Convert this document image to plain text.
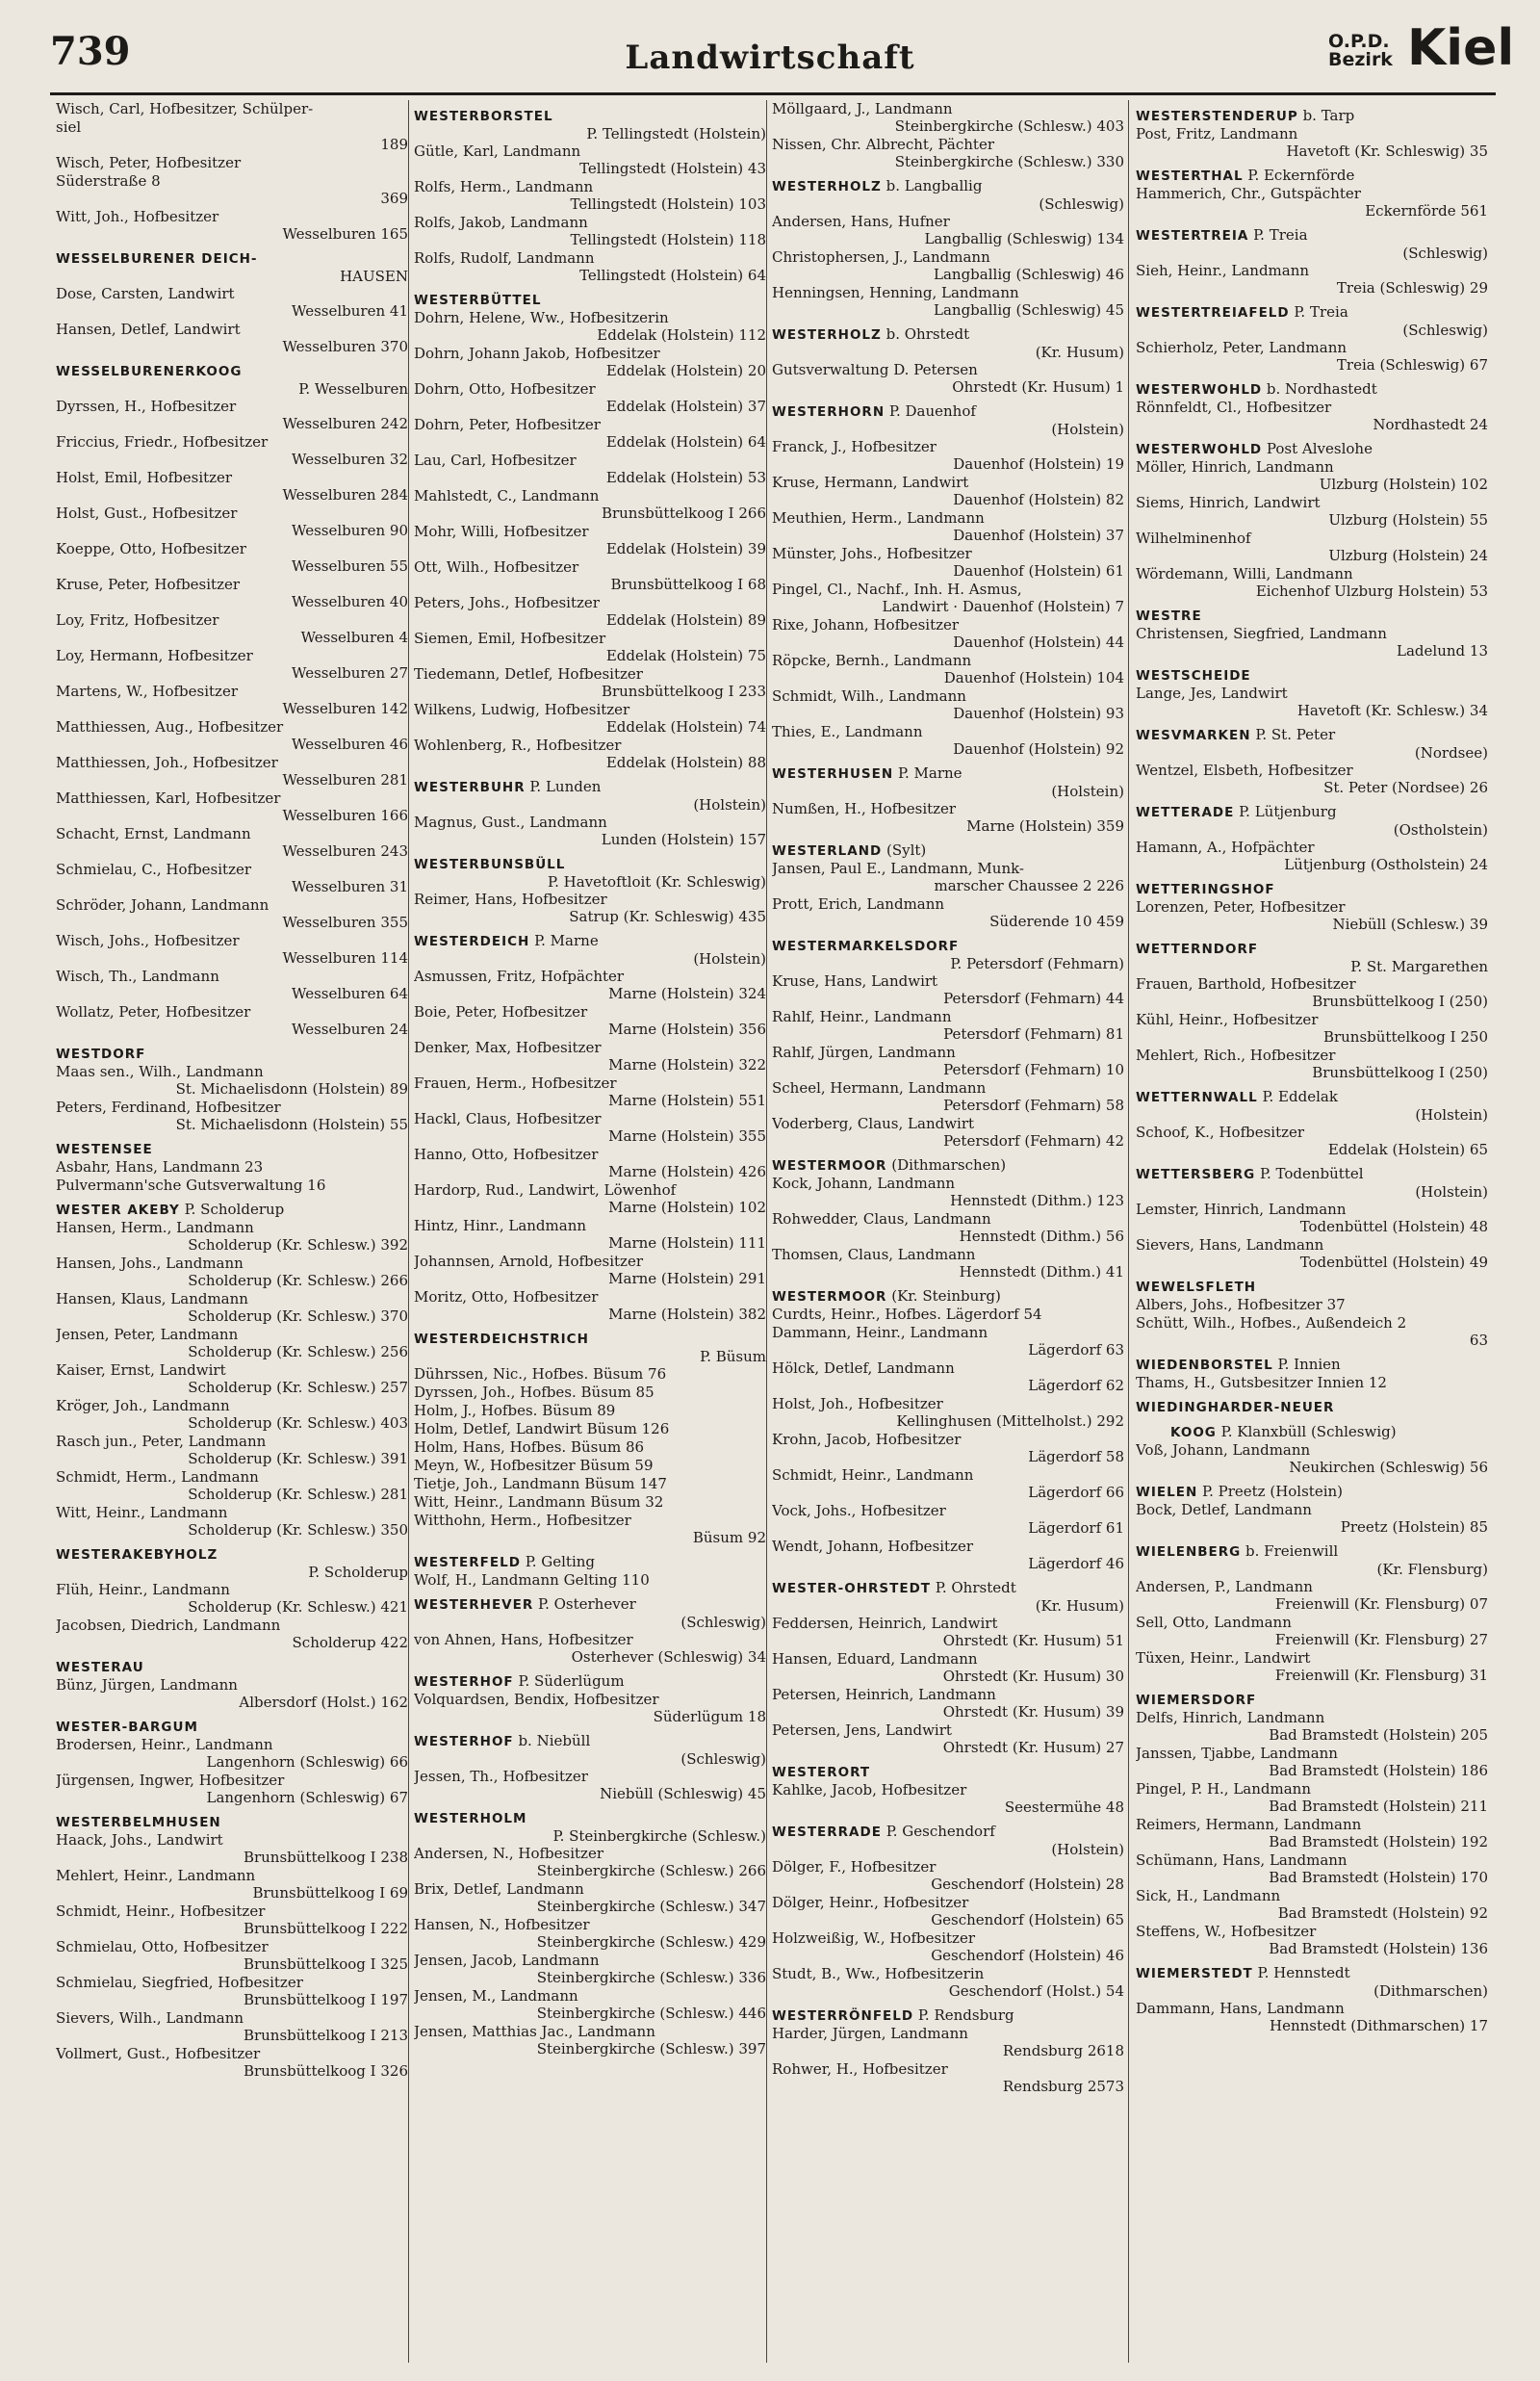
739	Landwirtschaft	O.P.D.
Bezirk Kiel
Wisch, Carl, Hofbesitzer, Schülper-
siel
189
Wisch, Peter, Hofbesitzer
Süderstraße 8
369
Witt, Joh., Hofbesitzer
Wesselburen 165
WESSELBURENER DEICH-
HAUSEN
Dose, Carsten, Landwirt
Wesselburen 41
Hansen, Detlef, Landwirt
Wesselburen 370
WESSELBURENERKOOG
P. Wesselburen
Dyrssen, H., Hofbesitzer
Wesselburen 242
Friccius, Friedr., Hofbesitzer
Wesselburen 32
Holst, Emil, Hofbesitzer
Wesselburen 284
Holst, Gust., Hofbesitzer
Wesselburen 90
Koeppe, Otto, Hofbesitzer
Wesselburen 55
Kruse, Peter, Hofbesitzer
Wesselburen 40
Loy, Fritz, Hofbesitzer
Wesselburen 4
Loy, Hermann, Hofbesitzer
Wesselburen 27
Martens, W., Hofbesitzer
Wesselburen 142
Matthiessen, Aug., Hofbesitzer
Wesselburen 46
Matthiessen, Joh., Hofbesitzer
Wesselburen 281
Matthiessen, Karl, Hofbesitzer
Wesselburen 166
Schacht, Ernst, Landmann
Wesselburen 243
Schmielau, C., Hofbesitzer
Wesselburen 31
Schröder, Johann, Landmann
Wesselburen 355
Wisch, Johs., Hofbesitzer
Wesselburen 114
Wisch, Th., Landmann
Wesselburen 64
Wollatz, Peter, Hofbesitzer
Wesselburen 24
WESTDORF
Maas sen., Wilh., Landmann
St. Michaelisdonn (Holstein) 89
Peters, Ferdinand, Hofbesitzer
St. Michaelisdonn (Holstein) 55
WESTENSEE
Asbahr, Hans, Landmann 23
Pulvermann'sche Gutsverwaltung 16
WESTER AKEBY P. Scholderup
Hansen, Herm., Landmann
Scholderup (Kr. Schlesw.) 392
Hansen, Johs., Landmann
Scholderup (Kr. Schlesw.) 266
Hansen, Klaus, Landmann
Scholderup (Kr. Schlesw.) 370
Jensen, Peter, Landmann
Scholderup (Kr. Schlesw.) 256
Kaiser, Ernst, Landwirt
Scholderup (Kr. Schlesw.) 257
Kröger, Joh., Landmann
Scholderup (Kr. Schlesw.) 403
Rasch jun., Peter, Landmann
Scholderup (Kr. Schlesw.) 391
Schmidt, Herm., Landmann
Scholderup (Kr. Schlesw.) 281
Witt, Heinr., Landmann
Scholderup (Kr. Schlesw.) 350
WESTERAKEBYHOLZ
P. Scholderup
Flüh, Heinr., Landmann
Scholderup (Kr. Schlesw.) 421
Jacobsen, Diedrich, Landmann
Scholderup 422
WESTERAU
Bünz, Jürgen, Landmann
Albersdorf (Holst.) 162
WESTER-BARGUM
Brodersen, Heinr., Landmann
Langenhorn (Schleswig) 66
Jürgensen, Ingwer, Hofbesitzer
Langenhorn (Schleswig) 67
WESTERBELMHUSEN
Haack, Johs., Landwirt
Brunsbüttelkoog I 238
Mehlert, Heinr., Landmann
Brunsbüttelkoog I 69
Schmidt, Heinr., Hofbesitzer
Brunsbüttelkoog I 222
Schmielau, Otto, Hofbesitzer
Brunsbüttelkoog I 325
Schmielau, Siegfried, Hofbesitzer
Brunsbüttelkoog I 197
Sievers, Wilh., Landmann
Brunsbüttelkoog I 213
Vollmert, Gust., Hofbesitzer
Brunsbüttelkoog I 326
WESTERBORSTEL
P. Tellingstedt (Holstein)
Gütle, Karl, Landmann
Tellingstedt (Holstein) 43
Rolfs, Herm., Landmann
Tellingstedt (Holstein) 103
Rolfs, Jakob, Landmann
Tellingstedt (Holstein) 118
Rolfs, Rudolf, Landmann
Tellingstedt (Holstein) 64
WESTERBÜTTEL
Dohrn, Helene, Ww., Hofbesitzerin
Eddelak (Holstein) 112
Dohrn, Johann Jakob, Hofbesitzer
Eddelak (Holstein) 20
Dohrn, Otto, Hofbesitzer
Eddelak (Holstein) 37
Dohrn, Peter, Hofbesitzer
Eddelak (Holstein) 64
Lau, Carl, Hofbesitzer
Eddelak (Holstein) 53
Mahlstedt, C., Landmann
Brunsbüttelkoog I 266
Mohr, Willi, Hofbesitzer
Eddelak (Holstein) 39
Ott, Wilh., Hofbesitzer
Brunsbüttelkoog I 68
Peters, Johs., Hofbesitzer
Eddelak (Holstein) 89
Siemen, Emil, Hofbesitzer
Eddelak (Holstein) 75
Tiedemann, Detlef, Hofbesitzer
Brunsbüttelkoog I 233
Wilkens, Ludwig, Hofbesitzer
Eddelak (Holstein) 74
Wohlenberg, R., Hofbesitzer
Eddelak (Holstein) 88
WESTERBUHR P. Lunden
(Holstein)
Magnus, Gust., Landmann
Lunden (Holstein) 157
WESTERBUNSBÜLL
P. Havetoftloit (Kr. Schleswig)
Reimer, Hans, Hofbesitzer
Satrup (Kr. Schleswig) 435
WESTERDEICH P. Marne
(Holstein)
Asmussen, Fritz, Hofpächter
Marne (Holstein) 324
Boie, Peter, Hofbesitzer
Marne (Holstein) 356
Denker, Max, Hofbesitzer
Marne (Holstein) 322
Frauen, Herm., Hofbesitzer
Marne (Holstein) 551
Hackl, Claus, Hofbesitzer
Marne (Holstein) 355
Hanno, Otto, Hofbesitzer
Marne (Holstein) 426
Hardorp, Rud., Landwirt, Löwenhof
Marne (Holstein) 102
Hintz, Hinr., Landmann
Marne (Holstein) 111
Johannsen, Arnold, Hofbesitzer
Marne (Holstein) 291
Moritz, Otto, Hofbesitzer
Marne (Holstein) 382
WESTERDEICHSTRICH
P. Büsum
Dührssen, Nic., Hofbes. Büsum 76
Dyrssen, Joh., Hofbes. Büsum 85
Holm, J., Hofbes. Büsum 89
Holm, Detlef, Landwirt Büsum 126
Holm, Hans, Hofbes. Büsum 86
Meyn, W., Hofbesitzer Büsum 59
Tietje, Joh., Landmann Büsum 147
Witt, Heinr., Landmann Büsum 32
Witthohn, Herm., Hofbesitzer
Büsum 92
WESTERFELD P. Gelting
Wolf, H., Landmann Gelting 110
WESTERHEVER P. Osterhever
(Schleswig)
von Ahnen, Hans, Hofbesitzer
Osterhever (Schleswig) 34
WESTERHOF P. Süderlügum
Volquardsen, Bendix, Hofbesitzer
Süderlügum 18
WESTERHOF b. Niebüll
(Schleswig)
Jessen, Th., Hofbesitzer
Niebüll (Schleswig) 45
WESTERHOLM
P. Steinbergkirche (Schlesw.)
Andersen, N., Hofbesitzer
Steinbergkirche (Schlesw.) 266
Brix, Detlef, Landmann
Steinbergkirche (Schlesw.) 347
Hansen, N., Hofbesitzer
Steinbergkirche (Schlesw.) 429
Jensen, Jacob, Landmann
Steinbergkirche (Schlesw.) 336
Jensen, M., Landmann
Steinbergkirche (Schlesw.) 446
Jensen, Matthias Jac., Landmann
Steinbergkirche (Schlesw.) 397
Möllgaard, J., Landmann
Steinbergkirche (Schlesw.) 403
Nissen, Chr. Albrecht, Pächter
Steinbergkirche (Schlesw.) 330
WESTERHOLZ b. Langballig
(Schleswig)
Andersen, Hans, Hufner
Langballig (Schleswig) 134
Christophersen, J., Landmann
Langballig (Schleswig) 46
Henningsen, Henning, Landmann
Langballig (Schleswig) 45
WESTERHOLZ b. Ohrstedt
(Kr. Husum)
Gutsverwaltung D. Petersen
Ohrstedt (Kr. Husum) 1
WESTERHORN P. Dauenhof
(Holstein)
Franck, J., Hofbesitzer
Dauenhof (Holstein) 19
Kruse, Hermann, Landwirt
Dauenhof (Holstein) 82
Meuthien, Herm., Landmann
Dauenhof (Holstein) 37
Münster, Johs., Hofbesitzer
Dauenhof (Holstein) 61
Pingel, Cl., Nachf., Inh. H. Asmus,
Landwirt · Dauenhof (Holstein) 7
Rixe, Johann, Hofbesitzer
Dauenhof (Holstein) 44
Röpcke, Bernh., Landmann
Dauenhof (Holstein) 104
Schmidt, Wilh., Landmann
Dauenhof (Holstein) 93
Thies, E., Landmann
Dauenhof (Holstein) 92
WESTERHUSEN P. Marne
(Holstein)
Numßen, H., Hofbesitzer
Marne (Holstein) 359
WESTERLAND (Sylt)
Jansen, Paul E., Landmann, Munk-
marscher Chaussee 2 226
Prott, Erich, Landmann
Süderende 10 459
WESTERMARKELSDORF
P. Petersdorf (Fehmarn)
Kruse, Hans, Landwirt
Petersdorf (Fehmarn) 44
Rahlf, Heinr., Landmann
Petersdorf (Fehmarn) 81
Rahlf, Jürgen, Landmann
Petersdorf (Fehmarn) 10
Scheel, Hermann, Landmann
Petersdorf (Fehmarn) 58
Voderberg, Claus, Landwirt
Petersdorf (Fehmarn) 42
WESTERMOOR (Dithmarschen)
Kock, Johann, Landmann
Hennstedt (Dithm.) 123
Rohwedder, Claus, Landmann
Hennstedt (Dithm.) 56
Thomsen, Claus, Landmann
Hennstedt (Dithm.) 41
WESTERMOOR (Kr. Steinburg)
Curdts, Heinr., Hofbes. Lägerdorf 54
Dammann, Heinr., Landmann
Lägerdorf 63
Hölck, Detlef, Landmann
Lägerdorf 62
Holst, Joh., Hofbesitzer
Kellinghusen (Mittelholst.) 292
Krohn, Jacob, Hofbesitzer
Lägerdorf 58
Schmidt, Heinr., Landmann
Lägerdorf 66
Vock, Johs., Hofbesitzer
Lägerdorf 61
Wendt, Johann, Hofbesitzer
Lägerdorf 46
WESTER-OHRSTEDT P. Ohrstedt
(Kr. Husum)
Feddersen, Heinrich, Landwirt
Ohrstedt (Kr. Husum) 51
Hansen, Eduard, Landmann
Ohrstedt (Kr. Husum) 30
Petersen, Heinrich, Landmann
Ohrstedt (Kr. Husum) 39
Petersen, Jens, Landwirt
Ohrstedt (Kr. Husum) 27
WESTERORT
Kahlke, Jacob, Hofbesitzer
Seestermühe 48
WESTERRADE P. Geschendorf
(Holstein)
Dölger, F., Hofbesitzer
Geschendorf (Holstein) 28
Dölger, Heinr., Hofbesitzer
Geschendorf (Holstein) 65
Holzweißig, W., Hofbesitzer
Geschendorf (Holstein) 46
Studt, B., Ww., Hofbesitzerin
Geschendorf (Holst.) 54
WESTERRÖNFELD P. Rendsburg
Harder, Jürgen, Landmann
Rendsburg 2618
Rohwer, H., Hofbesitzer
Rendsburg 2573
WESTERSTENDERUP b. Tarp
Post, Fritz, Landmann
Havetoft (Kr. Schleswig) 35
WESTERTHAL P. Eckernförde
Hammerich, Chr., Gutspächter
Eckernförde 561
WESTERTREIA P. Treia
(Schleswig)
Sieh, Heinr., Landmann
Treia (Schleswig) 29
WESTERTREIAFELD P. Treia
(Schleswig)
Schierholz, Peter, Landmann
Treia (Schleswig) 67
WESTERWOHLD b. Nordhastedt
Rönnfeldt, Cl., Hofbesitzer
Nordhastedt 24
WESTERWOHLD Post Alveslohe
Möller, Hinrich, Landmann
Ulzburg (Holstein) 102
Siems, Hinrich, Landwirt
Ulzburg (Holstein) 55
Wilhelminenhof
Ulzburg (Holstein) 24
Wördemann, Willi, Landmann
Eichenhof Ulzburg Holstein) 53
WESTRE
Christensen, Siegfried, Landmann
Ladelund 13
WESTSCHEIDE
Lange, Jes, Landwirt
Havetoft (Kr. Schlesw.) 34
WESVMARKEN P. St. Peter
(Nordsee)
Wentzel, Elsbeth, Hofbesitzer
St. Peter (Nordsee) 26
WETTERADE P. Lütjenburg
(Ostholstein)
Hamann, A., Hofpächter
Lütjenburg (Ostholstein) 24
WETTERINGSHOF
Lorenzen, Peter, Hofbesitzer
Niebüll (Schlesw.) 39
WETTERNDORF
P. St. Margarethen
Frauen, Barthold, Hofbesitzer
Brunsbüttelkoog I (250)
Kühl, Heinr., Hofbesitzer
Brunsbüttelkoog I 250
Mehlert, Rich., Hofbesitzer
Brunsbüttelkoog I (250)
WETTERNWALL P. Eddelak
(Holstein)
Schoof, K., Hofbesitzer
Eddelak (Holstein) 65
WETTERSBERG P. Todenbüttel
(Holstein)
Lemster, Hinrich, Landmann
Todenbüttel (Holstein) 48
Sievers, Hans, Landmann
Todenbüttel (Holstein) 49
WEWELSFLETH
Albers, Johs., Hofbesitzer 37
Schütt, Wilh., Hofbes., Außendeich 2
63
WIEDENBORSTEL P. Innien
Thams, H., Gutsbesitzer Innien 12
WIEDINGHARDER-NEUER
KOOG P. Klanxbüll (Schleswig)
Voß, Johann, Landmann
Neukirchen (Schleswig) 56
WIELEN P. Preetz (Holstein)
Bock, Detlef, Landmann
Preetz (Holstein) 85
WIELENBERG b. Freienwill
(Kr. Flensburg)
Andersen, P., Landmann
Freienwill (Kr. Flensburg) 07
Sell, Otto, Landmann
Freienwill (Kr. Flensburg) 27
Tüxen, Heinr., Landwirt
Freienwill (Kr. Flensburg) 31
WIEMERSDORF
Delfs, Hinrich, Landmann
Bad Bramstedt (Holstein) 205
Janssen, Tjabbe, Landmann
Bad Bramstedt (Holstein) 186
Pingel, P. H., Landmann
Bad Bramstedt (Holstein) 211
Reimers, Hermann, Landmann
Bad Bramstedt (Holstein) 192
Schümann, Hans, Landmann
Bad Bramstedt (Holstein) 170
Sick, H., Landmann
Bad Bramstedt (Holstein) 92
Steffens, W., Hofbesitzer
Bad Bramstedt (Holstein) 136
WIEMERSTEDT P. Hennstedt
(Dithmarschen)
Dammann, Hans, Landmann
Hennstedt (Dithmarschen) 17
